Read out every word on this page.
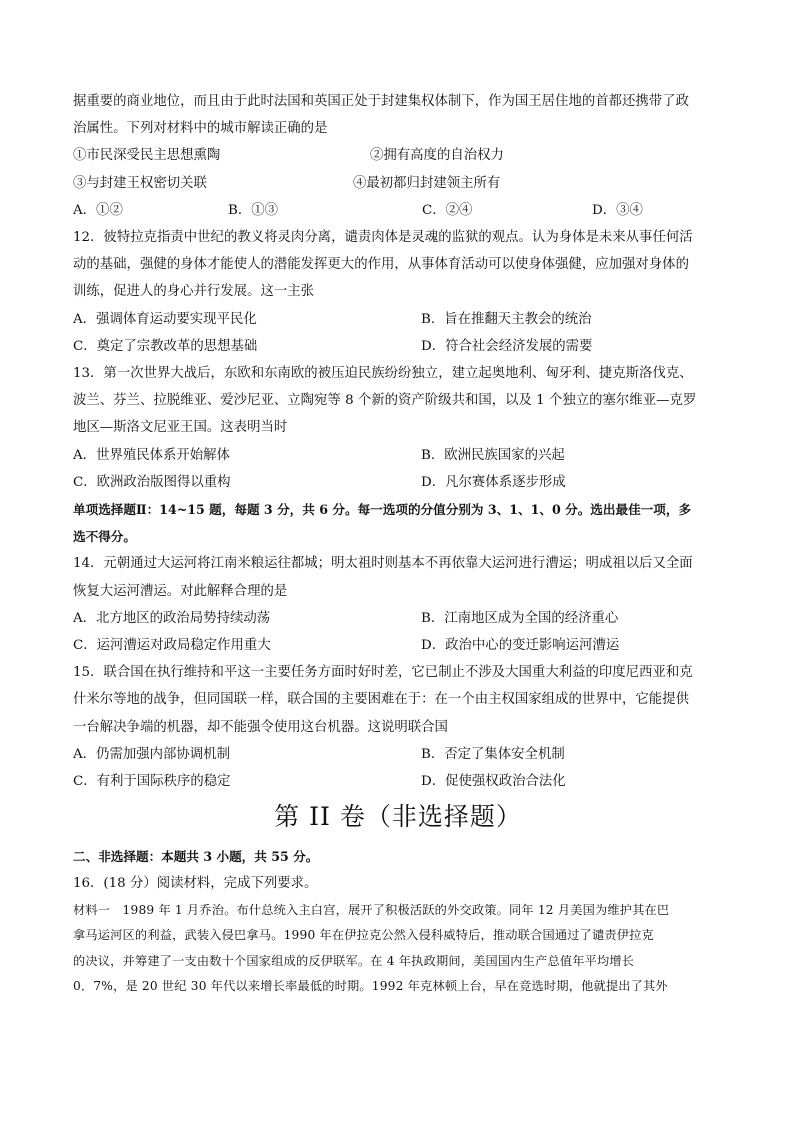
据重要的商业地位，而且由于此时法国和英国正处于封建集权体制下，作为国王居住地的首都还携带了政

治属性。下列对材料中的城市解读正确的是

①市民深受民主思想熏陶	②拥有高度的自治权力
③与封建王权密切关联	④最初都归封建领主所有
A．①②	B．①③	C．②④	D．③④

12．彼特拉克指责中世纪的教义将灵肉分离，谴责肉体是灵魂的监狱的观点。认为身体是未来从事任何活

动的基础，强健的身体才能使人的潜能发挥更大的作用，从事体育活动可以使身体强健，应加强对身体的

训练，促进人的身心并行发展。这一主张

A．强调体育运动要实现平民化	B．旨在推翻天主教会的统治
C．奠定了宗教改革的思想基础	D．符合社会经济发展的需要

13．第一次世界大战后，东欧和东南欧的被压迫民族纷纷独立，建立起奥地利、匈牙利、捷克斯洛伐克、

波兰、芬兰、拉脱维亚、爱沙尼亚、立陶宛等 8 个新的资产阶级共和国，以及 1 个独立的塞尔维亚—克罗

地区—斯洛文尼亚王国。这表明当时

A．世界殖民体系开始解体	B．欧洲民族国家的兴起
C．欧洲政治版图得以重构	D．凡尔赛体系逐步形成

单项选择题Ⅱ：14~15 题，每题 3 分，共 6 分。每一选项的分值分别为 3、1、1、0 分。选出最佳一项，多

选不得分。

14．元朝通过大运河将江南米粮运往都城；明太祖时则基本不再依靠大运河进行漕运；明成祖以后又全面

恢复大运河漕运。对此解释合理的是

A．北方地区的政治局势持续动荡	B．江南地区成为全国的经济重心
C．运河漕运对政局稳定作用重大	D．政治中心的变迁影响运河漕运

15．联合国在执行维持和平这一主要任务方面时好时差，它已制止不涉及大国重大利益的印度尼西亚和克

什米尔等地的战争，但同国联一样，联合国的主要困难在于：在一个由主权国家组成的世界中，它能提供

一台解决争端的机器，却不能强令使用这台机器。这说明联合国

A．仍需加强内部协调机制	B．否定了集体安全机制
C．有利于国际秩序的稳定	D．促使强权政治合法化
第 II 卷（非选择题）

二、非选择题：本题共 3 小题，共 55 分。

16．(18 分）阅读材料，完成下列要求。

材料一　1989 年 1 月乔治。布什总统入主白宫，展开了积极活跃的外交政策。同年 12 月美国为维护其在巴

拿马运河区的利益，武装入侵巴拿马。1990 年在伊拉克公然入侵科威特后，推动联合国通过了谴责伊拉克

的决议，并筹建了一支由数十个国家组成的反伊联军。在 4 年执政期间，美国国内生产总值年平均增长

0．7%，是 20 世纪 30 年代以来增长率最低的时期。1992 年克林顿上台，早在竞选时期，他就提出了其外
